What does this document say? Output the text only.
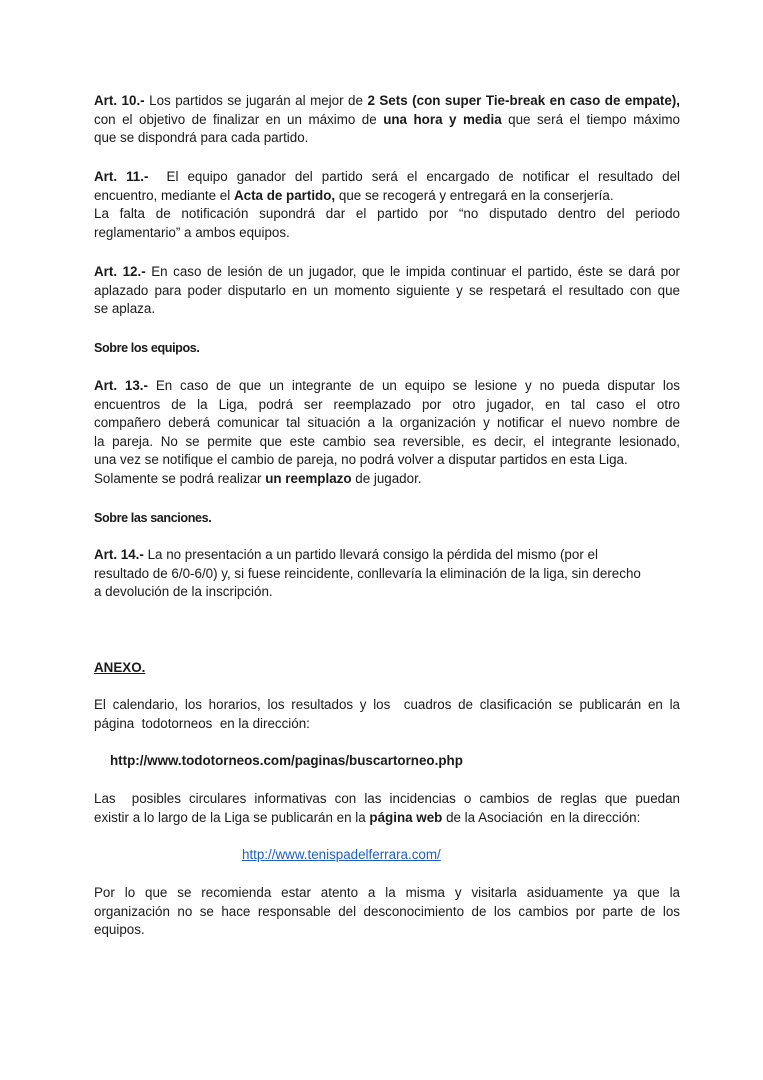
Art. 10.- Los partidos se jugarán al mejor de 2 Sets (con super Tie-break en caso de empate),
con el objetivo de finalizar en un máximo de una hora y media que será el tiempo máximo
que se dispondrá para cada partido.
Art. 11.-  El equipo ganador del partido será el encargado de notificar el resultado del
encuentro, mediante el Acta de partido, que se recogerá y entregará en la conserjería.
La falta de notificación supondrá dar el partido por “no disputado dentro del periodo
reglamentario” a ambos equipos.
Art. 12.- En caso de lesión de un jugador, que le impida continuar el partido, éste se dará por
aplazado para poder disputarlo en un momento siguiente y se respetará el resultado con que
se aplaza.
Sobre los equipos.
Art. 13.- En caso de que un integrante de un equipo se lesione y no pueda disputar los
encuentros de la Liga, podrá ser reemplazado por otro jugador, en tal caso el otro
compañero deberá comunicar tal situación a la organización y notificar el nuevo nombre de
la pareja. No se permite que este cambio sea reversible, es decir, el integrante lesionado,
una vez se notifique el cambio de pareja, no podrá volver a disputar partidos en esta Liga.
Solamente se podrá realizar un reemplazo de jugador.
Sobre las sanciones.
Art. 14.- La no presentación a un partido llevará consigo la pérdida del mismo (por el
resultado de 6/0-6/0) y, si fuese reincidente, conllevaría la eliminación de la liga, sin derecho
a devolución de la inscripción.
ANEXO.
El calendario, los horarios, los resultados y los  cuadros de clasificación se publicarán en la
página  todotorneos  en la dirección:
http://www.todotorneos.com/paginas/buscartorneo.php
Las  posibles circulares informativas con las incidencias o cambios de reglas que puedan
existir a lo largo de la Liga se publicarán en la página web de la Asociación  en la dirección:
http://www.tenispadelferrara.com/
Por lo que se recomienda estar atento a la misma y visitarla asiduamente ya que la
organización no se hace responsable del desconocimiento de los cambios por parte de los
equipos.
